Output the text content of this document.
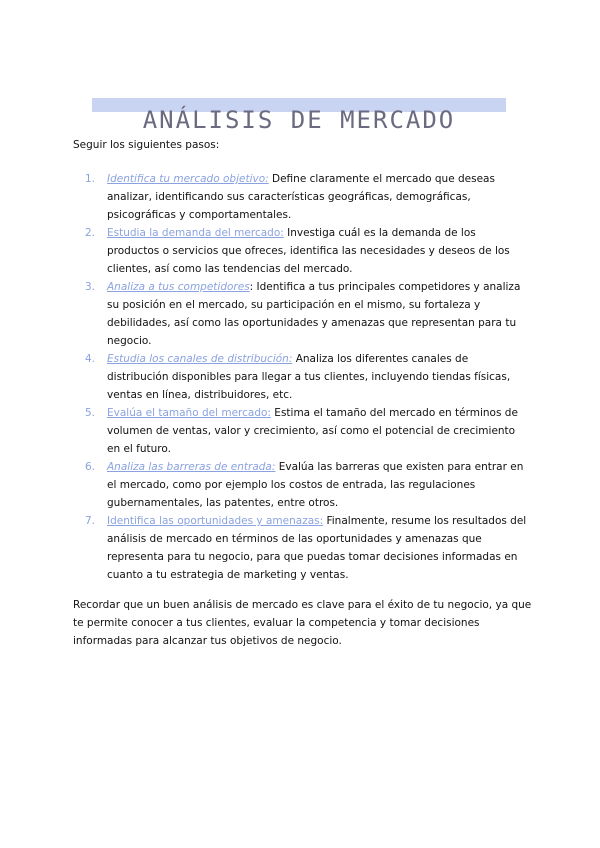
ANÁLISIS DE MERCADO

Seguir los siguientes pasos:

1. Identifica tu mercado objetivo: Define claramente el mercado que deseas analizar, identificando sus características geográficas, demográficas, psicográficas y comportamentales.
2. Estudia la demanda del mercado: Investiga cuál es la demanda de los productos o servicios que ofreces, identifica las necesidades y deseos de los clientes, así como las tendencias del mercado.
3. Analiza a tus competidores: Identifica a tus principales competidores y analiza su posición en el mercado, su participación en el mismo, su fortaleza y debilidades, así como las oportunidades y amenazas que representan para tu negocio.
4. Estudia los canales de distribución: Analiza los diferentes canales de distribución disponibles para llegar a tus clientes, incluyendo tiendas físicas, ventas en línea, distribuidores, etc.
5. Evalúa el tamaño del mercado: Estima el tamaño del mercado en términos de volumen de ventas, valor y crecimiento, así como el potencial de crecimiento en el futuro.
6. Analiza las barreras de entrada: Evalúa las barreras que existen para entrar en el mercado, como por ejemplo los costos de entrada, las regulaciones gubernamentales, las patentes, entre otros.
7. Identifica las oportunidades y amenazas: Finalmente, resume los resultados del análisis de mercado en términos de las oportunidades y amenazas que representa para tu negocio, para que puedas tomar decisiones informadas en cuanto a tu estrategia de marketing y ventas.

Recordar que un buen análisis de mercado es clave para el éxito de tu negocio, ya que te permite conocer a tus clientes, evaluar la competencia y tomar decisiones informadas para alcanzar tus objetivos de negocio.
